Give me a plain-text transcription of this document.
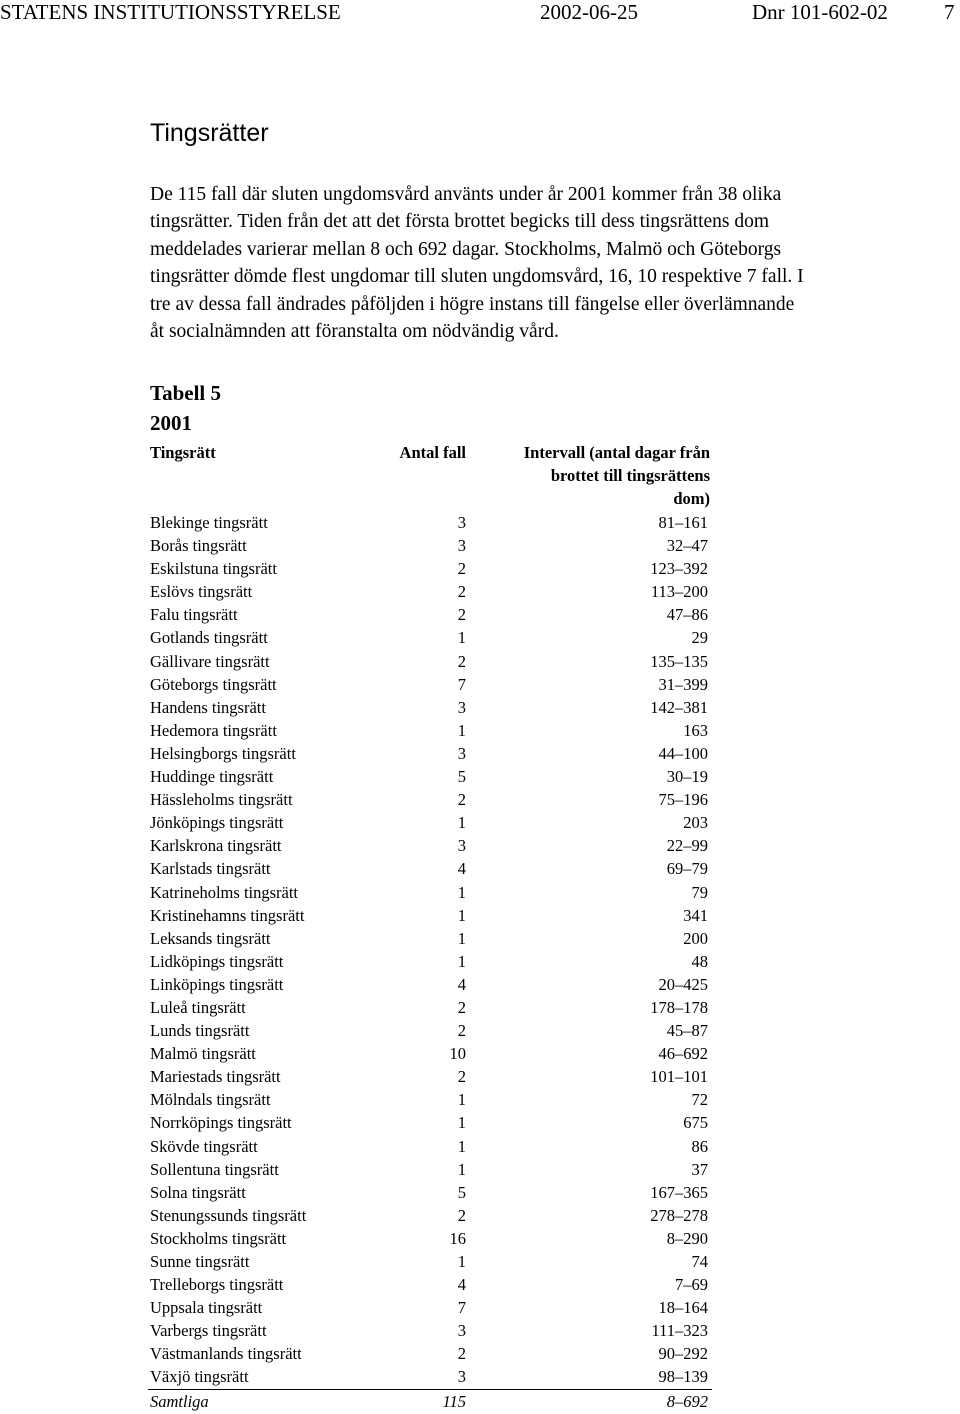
STATENS INSTITUTIONSSTYRELSE	2002-06-25	Dnr 101-602-02	7
Tingsrätter
De 115 fall där sluten ungdomsvård använts under år 2001 kommer från 38 olika
tingsrätter. Tiden från det att det första brottet begicks till dess tingsrättens dom
meddelades varierar mellan 8 och 692 dagar. Stockholms, Malmö och Göteborgs
tingsrätter dömde flest ungdomar till sluten ungdomsvård, 16, 10 respektive 7 fall. I
tre av dessa fall ändrades påföljden i högre instans till fängelse eller överlämnande
åt socialnämnden att föranstalta om nödvändig vård.
Tabell 5
2001
Tingsrätt	Antal fall	Intervall (antal dagar från
brottet till tingsrättens
dom)
Blekinge tingsrätt	3	81–161
Borås tingsrätt	3	32–47
Eskilstuna tingsrätt	2	123–392
Eslövs tingsrätt	2	113–200
Falu tingsrätt	2	47–86
Gotlands tingsrätt	1	29
Gällivare tingsrätt	2	135–135
Göteborgs tingsrätt	7	31–399
Handens tingsrätt	3	142–381
Hedemora tingsrätt	1	163
Helsingborgs tingsrätt	3	44–100
Huddinge tingsrätt	5	30–19
Hässleholms tingsrätt	2	75–196
Jönköpings tingsrätt	1	203
Karlskrona tingsrätt	3	22–99
Karlstads tingsrätt	4	69–79
Katrineholms tingsrätt	1	79
Kristinehamns tingsrätt	1	341
Leksands tingsrätt	1	200
Lidköpings tingsrätt	1	48
Linköpings tingsrätt	4	20–425
Luleå tingsrätt	2	178–178
Lunds tingsrätt	2	45–87
Malmö tingsrätt	10	46–692
Mariestads tingsrätt	2	101–101
Mölndals tingsrätt	1	72
Norrköpings tingsrätt	1	675
Skövde tingsrätt	1	86
Sollentuna tingsrätt	1	37
Solna tingsrätt	5	167–365
Stenungssunds tingsrätt	2	278–278
Stockholms tingsrätt	16	8–290
Sunne tingsrätt	1	74
Trelleborgs tingsrätt	4	7–69
Uppsala tingsrätt	7	18–164
Varbergs tingsrätt	3	111–323
Västmanlands tingsrätt	2	90–292
Växjö tingsrätt	3	98–139
Samtliga	115	8–692
